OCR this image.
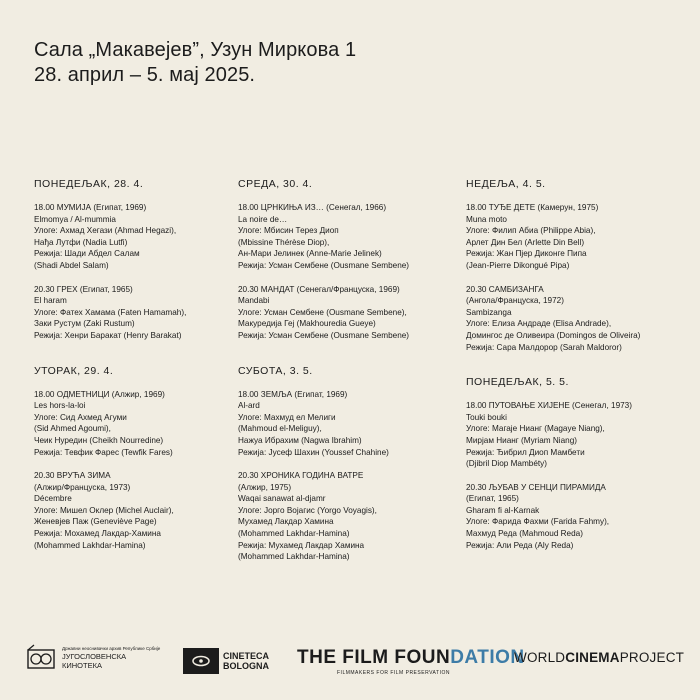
Сала „Макавејев”, Узун Миркова 1
28. април – 5. мај 2025.
ПОНЕДЕЉАК, 28. 4.
18.00 МУМИЈА (Египат, 1969)
Elmomya / Al-mummia
Улоге: Ахмад Хегази (Ahmad Hegazi),
Нађа Лутфи (Nadia Lutfi)
Режија: Шади Абдел Салам
(Shadi Abdel Salam)
20.30 ГРЕХ (Египат, 1965)
El haram
Улоге: Фатех Хамама (Faten Hamamah),
Заки Рустум (Zaki Rustum)
Режија: Хенри Баракат (Henry Barakat)
УТОРАК, 29. 4.
18.00 ОДМЕТНИЦИ (Алжир, 1969)
Les hors-la-loi
Улоге: Сид Ахмед Агуми
(Sid Ahmed Agoumi),
Чеик Нуредин (Cheikh Nourredine)
Режија: Тевфик Фарес (Tewfik Fares)
20.30 ВРУЋА ЗИМА
(Алжир/Француска, 1973)
Décembre
Улоге: Мишел Оклер (Michel Auclair),
Женевјев Паж (Geneviève Page)
Режија: Мохамед Лакдар-Хамина
(Mohammed Lakhdar-Hamina)
СРЕДА, 30. 4.
18.00 ЦРНКИЊА ИЗ… (Сенегал, 1966)
La noire de…
Улоге: Мбисин Терез Диоп
(Mbissine Thérèse Diop),
Ан-Мари Јелинек (Anne-Marie Jelinek)
Режија: Усман Сембене (Ousmane Sembene)
20.30 МАНДАТ (Сенегал/Француска, 1969)
Mandabi
Улоге: Усман Сембене (Ousmane Sembene),
Макуредија Геј (Makhouredia Gueye)
Режија: Усман Сембене (Ousmane Sembene)
СУБОТА, 3. 5.
18.00 ЗЕМЉА (Египат, 1969)
Al-ard
Улоге: Махмуд ел Мелиги
(Mahmoud el-Meliguy),
Нажуа Ибрахим (Nagwa Ibrahim)
Режија: Јусеф Шахин (Youssef Chahine)
20.30 ХРОНИКА ГОДИНА ВАТРЕ
(Алжир, 1975)
Waqai sanawat al-djamr
Улоге: Јорго Војагис (Yorgo Voyagis),
Мухамед Лакдар Хамина
(Mohammed Lakhdar-Hamina)
Режија: Мухамед Лакдар Хамина
(Mohammed Lakhdar-Hamina)
НЕДЕЉА, 4. 5.
18.00 ТУЂЕ ДЕТЕ (Камерун, 1975)
Muna moto
Улоге: Филип Абиа (Philippe Abia),
Арлет Дин Бел (Arlette Din Bell)
Режија: Жан Пјер Диконге Пипа
(Jean-Pierre Dikongué Pipa)
20.30 САМБИЗАНГА
(Ангола/Француска, 1972)
Sambizanga
Улоге: Елиза Андраде (Elisa Andrade),
Домингос де Оливеира (Domingos de Oliveira)
Режија: Сара Малдорор (Sarah Maldoror)
ПОНЕДЕЉАК, 5. 5.
18.00 ПУТОВАЊЕ ХИЈЕНЕ (Сенегал, 1973)
Touki bouki
Улоге: Магаје Нианг (Magaye Niang),
Мирјам Нианг (Myriam Niang)
Режија: Ђибрил Диоп Мамбети
(Djibril Diop Mambéty)
20.30 ЉУБАВ У СЕНЦИ ПИРАМИДА
(Египат, 1965)
Gharam fi al-Karnak
Улоге: Фарида Фахми (Farida Fahmy),
Махмуд Реда (Mahmoud Reda)
Режија: Али Реда (Aly Reda)
Државни неоснивачки архив Републике Србије
ЈУГОСЛОВЕНСКА
КИНОТЕКА
CINETECA
BOLOGNA THE FILM FOUNDATION
FILMMAKERS FOR FILM PRESERVATION
WORLD CINEMA PROJECT
